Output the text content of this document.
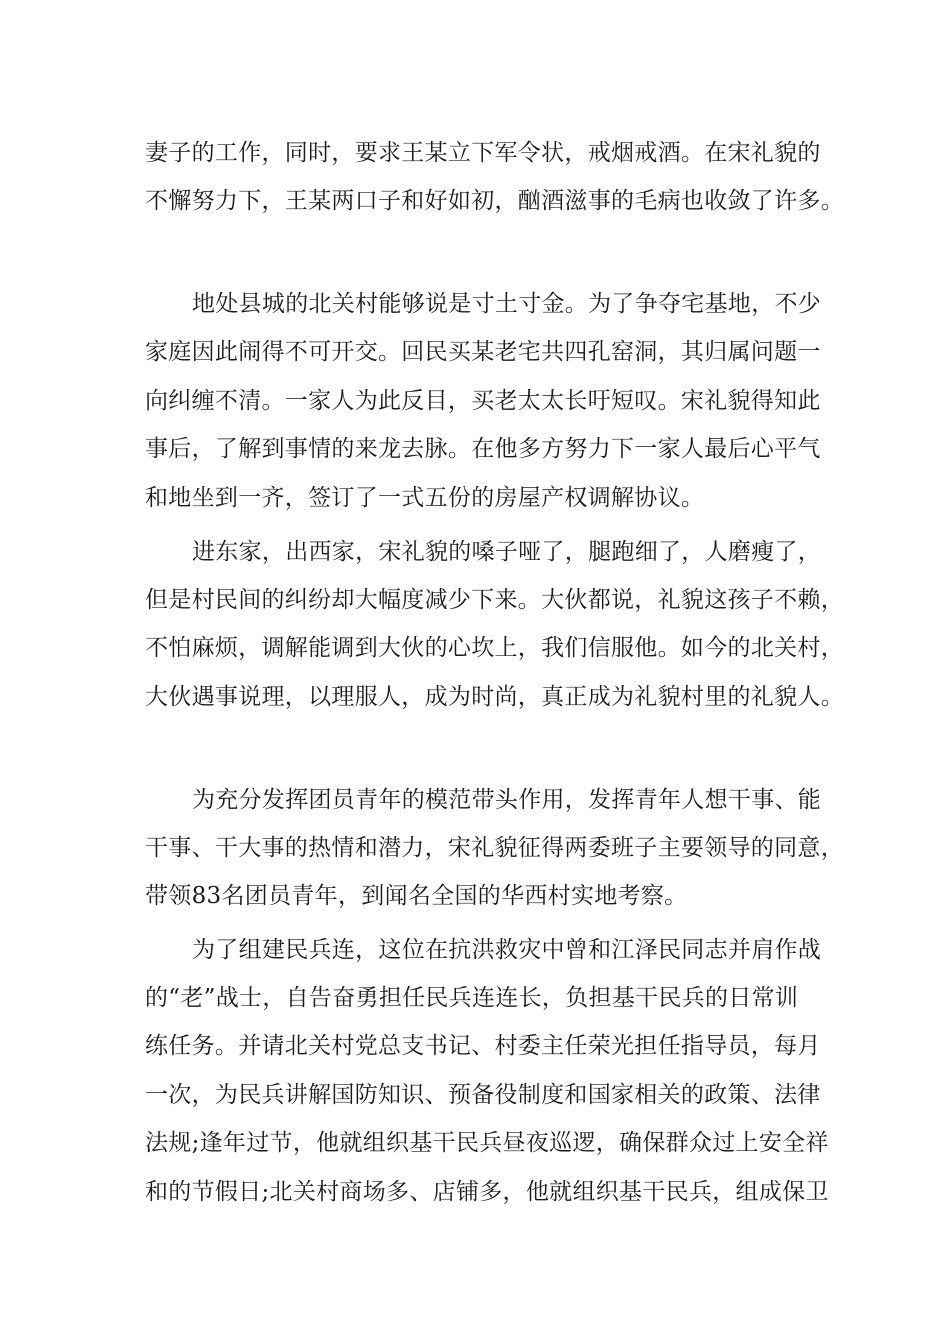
妻子的工作，同时，要求王某立下军令状，戒烟戒酒。在宋礼貌的
不懈努力下，王某两口子和好如初，酗酒滋事的毛病也收敛了许多。
地处县城的北关村能够说是寸土寸金。为了争夺宅基地，不少
家庭因此闹得不可开交。回民买某老宅共四孔窑洞，其归属问题一
向纠缠不清。一家人为此反目，买老太太长吁短叹。宋礼貌得知此
事后，了解到事情的来龙去脉。在他多方努力下一家人最后心平气
和地坐到一齐，签订了一式五份的房屋产权调解协议。
进东家，出西家，宋礼貌的嗓子哑了，腿跑细了，人磨瘦了，
但是村民间的纠纷却大幅度减少下来。大伙都说，礼貌这孩子不赖，
不怕麻烦，调解能调到大伙的心坎上，我们信服他。如今的北关村，
大伙遇事说理，以理服人，成为时尚，真正成为礼貌村里的礼貌人。
为充分发挥团员青年的模范带头作用，发挥青年人想干事、能
干事、干大事的热情和潜力，宋礼貌征得两委班子主要领导的同意，
带领83名团员青年，到闻名全国的华西村实地考察。
为了组建民兵连，这位在抗洪救灾中曾和江泽民同志并肩作战
的“老”战士，自告奋勇担任民兵连连长，负担基干民兵的日常训
练任务。并请北关村党总支书记、村委主任荣光担任指导员，每月
一次，为民兵讲解国防知识、预备役制度和国家相关的政策、法律
法规;逢年过节，他就组织基干民兵昼夜巡逻，确保群众过上安全祥
和的节假日;北关村商场多、店铺多，他就组织基干民兵，组成保卫
